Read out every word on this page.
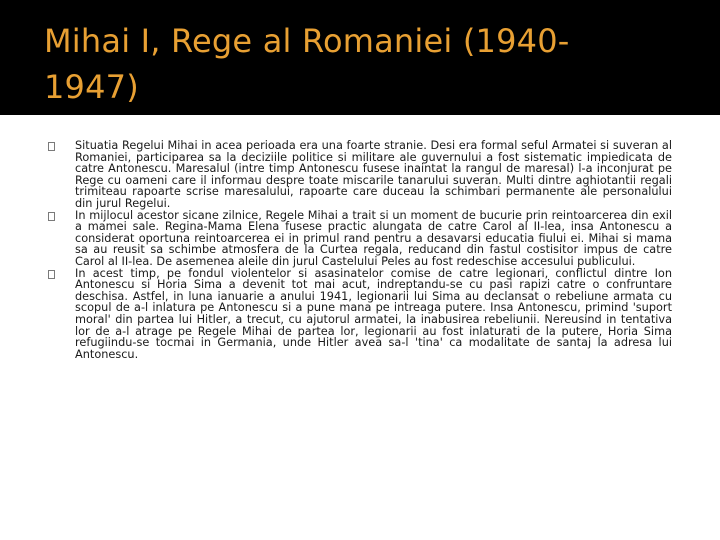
Mihai I, Rege al Romaniei (1940-1947)
Situatia Regelui Mihai in acea perioada era una foarte stranie. Desi era formal seful Armatei si suveran al Romaniei, participarea sa la deciziile politice si militare ale guvernului a fost sistematic impiedicata de catre Antonescu. Maresalul (intre timp Antonescu fusese inaintat la rangul de maresal) l-a inconjurat pe Rege cu oameni care il informau despre toate miscarile tanarului suveran. Multi dintre aghiotantii regali trimiteau rapoarte scrise maresalului, rapoarte care duceau la schimbari permanente ale personalului din jurul Regelui.
In mijlocul acestor sicane zilnice, Regele Mihai a trait si un moment de bucurie prin reintoarcerea din exil a mamei sale. Regina-Mama Elena fusese practic alungata de catre Carol al II-lea, insa Antonescu a considerat oportuna reintoarcerea ei in primul rand pentru a desavarsi educatia fiului ei. Mihai si mama sa au reusit sa schimbe atmosfera de la Curtea regala, reducand din fastul costisitor impus de catre Carol al II-lea. De asemenea aleile din jurul Castelului Peles au fost redeschise accesului publicului.
In acest timp, pe fondul violentelor si asasinatelor comise de catre legionari, conflictul dintre Ion Antonescu si Horia Sima a devenit tot mai acut, indreptandu-se cu pasi rapizi catre o confruntare deschisa. Astfel, in luna ianuarie a anului 1941, legionarii lui Sima au declansat o rebeliune armata cu scopul de a-l inlatura pe Antonescu si a pune mana pe intreaga putere. Insa Antonescu, primind 'suport moral' din partea lui Hitler, a trecut, cu ajutorul armatei, la inabusirea rebeliunii. Nereusind in tentativa lor de a-l atrage pe Regele Mihai de partea lor, legionarii au fost inlaturati de la putere, Horia Sima refugiindu-se tocmai in Germania, unde Hitler avea sa-l 'tina' ca modalitate de santaj la adresa lui Antonescu.
